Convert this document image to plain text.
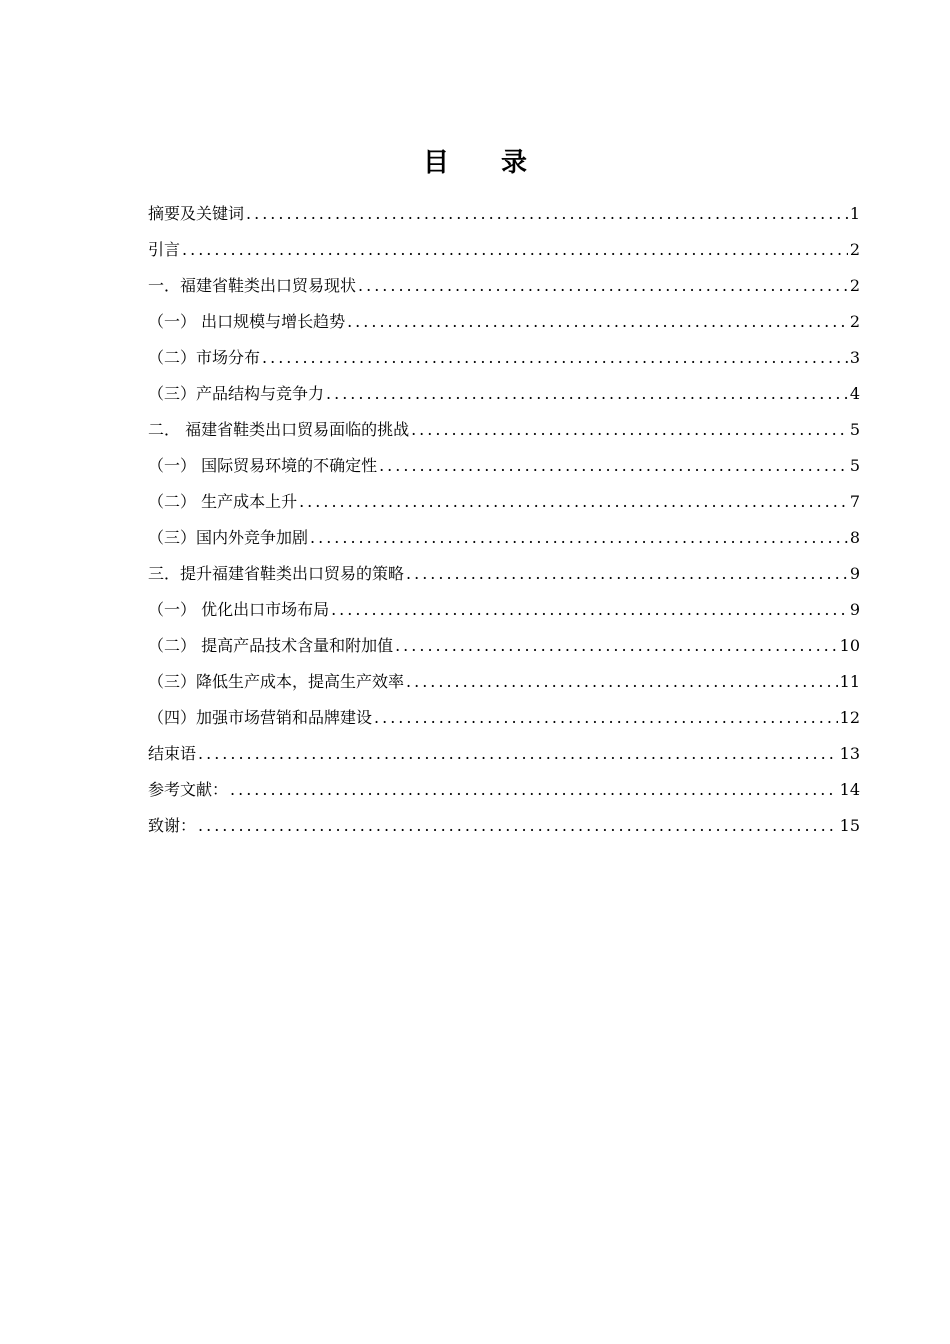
目 录
摘要及关键词 .....	1
引言 .....	2
一．福建省鞋类出口贸易现状 .....	2
（一） 出口规模与增长趋势 .....	2
（二）市场分布 .....	3
（三）产品结构与竞争力 .....	4
二． 福建省鞋类出口贸易面临的挑战 .....	5
（一） 国际贸易环境的不确定性 .....	5
（二） 生产成本上升 .....	7
（三）国内外竞争加剧 .....	8
三．提升福建省鞋类出口贸易的策略 .....	9
（一） 优化出口市场布局 .....	9
（二） 提高产品技术含量和附加值 .....	10
（三）降低生产成本，提高生产效率 .....	11
（四）加强市场营销和品牌建设 .....	12
结束语 .....	13
参考文献： .....	14
致谢： .....	15
